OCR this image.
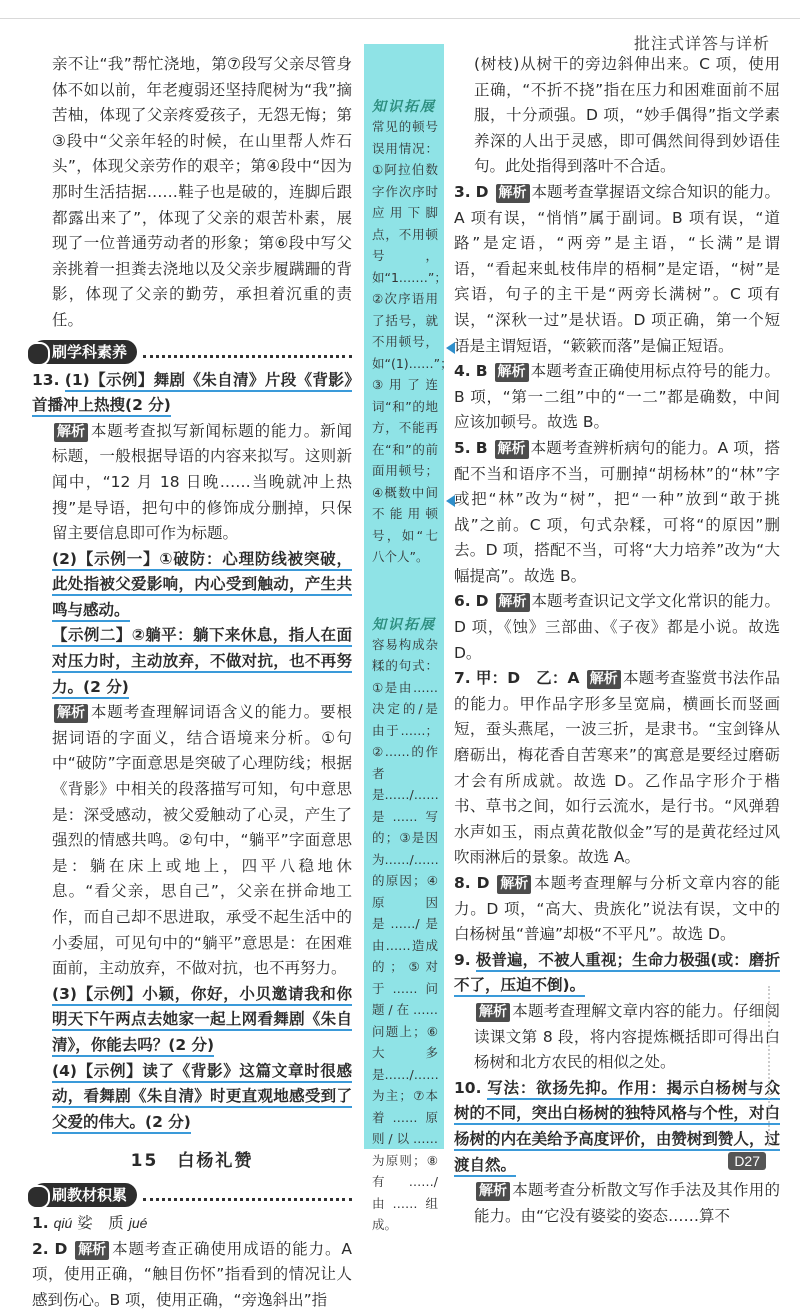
批注式详答与详析

亲不让“我”帮忙浇地，第⑦段写父亲尽管身体不如以前，年老瘦弱还坚持爬树为“我”摘苦柚，体现了父亲疼爱孩子，无怨无悔；第③段中“父亲年轻的时候，在山里帮人炸石头”，体现父亲劳作的艰辛；第④段中“因为那时生活拮据……鞋子也是破的，连脚后跟都露出来了”，体现了父亲的艰苦朴素，展现了一位普通劳动者的形象；第⑥段中写父亲挑着一担粪去浇地以及父亲步履蹒跚的背影，体现了父亲的勤劳，承担着沉重的责任。

刷学科素养

13. (1)【示例】舞剧《朱自清》片段《背影》首播冲上热搜(2 分)

解析 本题考查拟写新闻标题的能力。新闻标题，一般根据导语的内容来拟写。这则新闻中，“12 月 18 日晚……当晚就冲上热搜”是导语，把句中的修饰成分删掉，只保留主要信息即可作为标题。

(2)【示例一】①破防：心理防线被突破，此处指被父爱影响，内心受到触动，产生共鸣与感动。

【示例二】②躺平：躺下来休息，指人在面对压力时，主动放弃，不做对抗，也不再努力。(2 分)

解析 本题考查理解词语含义的能力。要根据词语的字面义，结合语境来分析。①句中“破防”字面意思是突破了心理防线；根据《背影》中相关的段落描写可知，句中意思是：深受感动，被父爱触动了心灵，产生了强烈的情感共鸣。②句中，“躺平”字面意思是：躺在床上或地上，四平八稳地休息。“看父亲，思自己”，父亲在拼命地工作，而自己却不思进取，承受不起生活中的小委屈，可见句中的“躺平”意思是：在困难面前，主动放弃，不做对抗，也不再努力。

(3)【示例】小颖，你好，小贝邀请我和你明天下午两点去她家一起上网看舞剧《朱自清》，你能去吗？(2 分)

(4)【示例】读了《背影》这篇文章时很感动，看舞剧《朱自清》时更直观地感受到了父爱的伟大。(2 分)

15　白杨礼赞
刷教材积累

1. qiú 娑　质 jué

2. D 解析 本题考查正确使用成语的能力。A 项，使用正确，“触目伤怀”指看到的情况让人感到伤心。B 项，使用正确，“旁逸斜出”指

知识拓展
常见的顿号误用情况：①阿拉伯数字作次序时应用下脚点，不用顿号，如“1.……”；②次序语用了括号，就不用顿号，如“(1)……”；③用了连词“和”的地方，不能再在“和”的前面用顿号；④概数中间不能用顿号，如“七八个人”。
知识拓展
容易构成杂糅的句式：①是由……决定的/是由于……；②……的作者是……/……是……写的；③是因为……/……的原因；④原因是……/是由……造成的；⑤对于……问题/在……问题上；⑥大多是……/……为主；⑦本着……原则/以……为原则；⑧有……/由……组成。

(树枝)从树干的旁边斜伸出来。C 项，使用正确，“不折不挠”指在压力和困难面前不屈服，十分顽强。D 项，“妙手偶得”指文学素养深的人出于灵感，即可偶然间得到妙语佳句。此处指得到落叶不合适。

3. D 解析 本题考查掌握语文综合知识的能力。A 项有误，“悄悄”属于副词。B 项有误，“道路”是定语，“两旁”是主语，“长满”是谓语，“看起来虬枝伟岸的梧桐”是定语，“树”是宾语，句子的主干是“两旁长满树”。C 项有误，“深秋一过”是状语。D 项正确，第一个短语是主谓短语，“簌簌而落”是偏正短语。

4. B 解析 本题考查正确使用标点符号的能力。B 项，“第一二组”中的“一二”都是确数，中间应该加顿号。故选 B。

5. B 解析 本题考查辨析病句的能力。A 项，搭配不当和语序不当，可删掉“胡杨林”的“林”字或把“林”改为“树”，把“一种”放到“敢于挑战”之前。C 项，句式杂糅，可将“的原因”删去。D 项，搭配不当，可将“大力培养”改为“大幅提高”。故选 B。

6. D 解析 本题考查识记文学文化常识的能力。D 项，《蚀》三部曲、《子夜》都是小说。故选 D。

7. 甲：D　乙：A 解析 本题考查鉴赏书法作品的能力。甲作品字形多呈宽扁，横画长而竖画短，蚕头燕尾，一波三折，是隶书。“宝剑锋从磨砺出，梅花香自苦寒来”的寓意是要经过磨砺才会有所成就。故选 D。乙作品字形介于楷书、草书之间，如行云流水，是行书。“风弹碧水声如玉，雨点黄花散似金”写的是黄花经过风吹雨淋后的景象。故选 A。

8. D 解析 本题考查理解与分析文章内容的能力。D 项，“高大、贵族化”说法有误，文中的白杨树虽“普遍”却极“不平凡”。故选 D。

9. 极普遍，不被人重视；生命力极强(或：磨折不了，压迫不倒)。

解析 本题考查理解文章内容的能力。仔细阅读课文第 8 段，将内容提炼概括即可得出白杨树和北方农民的相似之处。

10. 写法：欲扬先抑。作用：揭示白杨树与众树的不同，突出白杨树的独特风格与个性，对白杨树的内在美给予高度评价，由赞树到赞人，过渡自然。

解析 本题考查分析散文写作手法及其作用的能力。由“它没有婆娑的姿态……算不

D27
